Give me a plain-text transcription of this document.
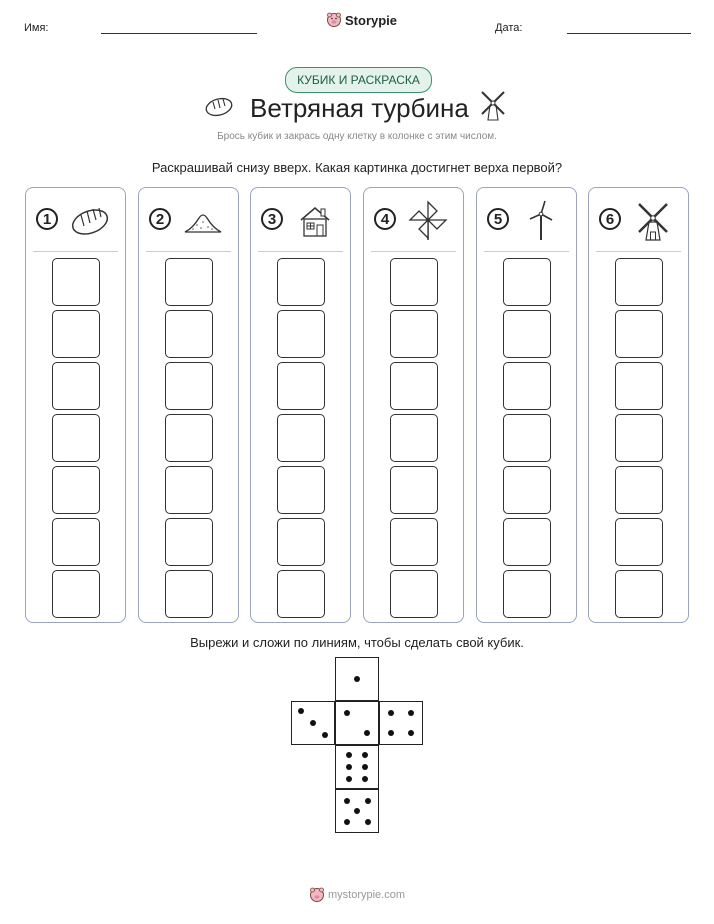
Имя:
Storypie
Дата:
КУБИК И РАСКРАСКА
Ветряная турбина
Брось кубик и закрась одну клетку в колонке с этим числом.
Раскрашивай снизу вверх. Какая картинка достигнет верха первой?
1	2	3	4	5	6
Вырежи и сложи по линиям, чтобы сделать свой кубик.
mystorypie.com
